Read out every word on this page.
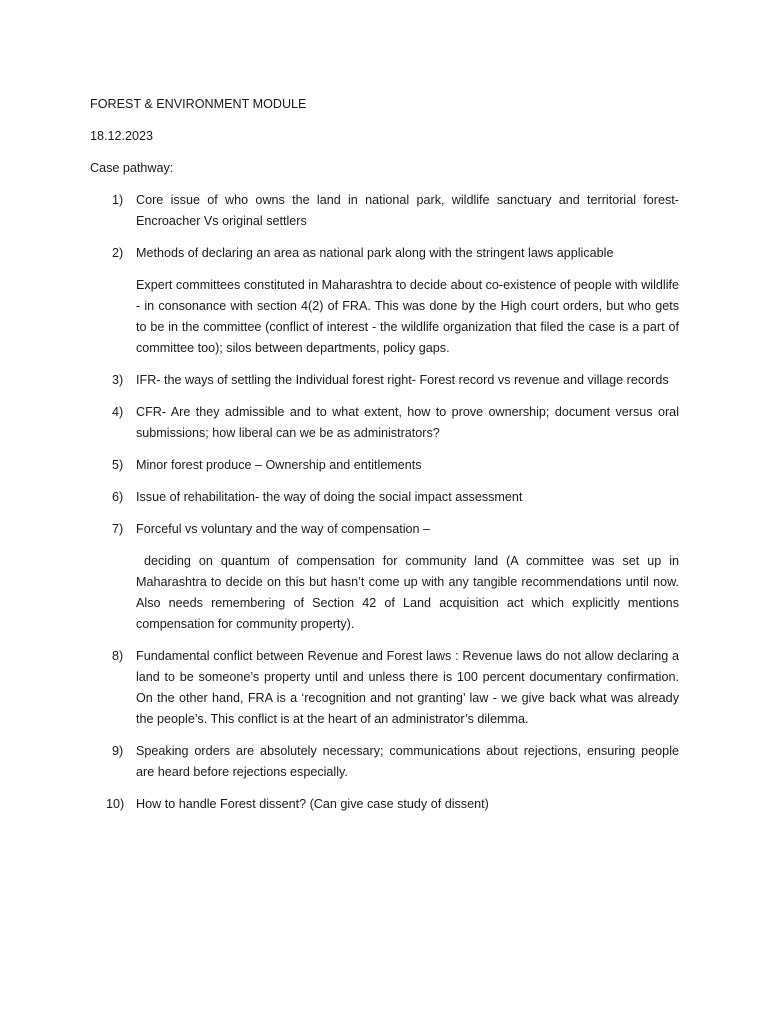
FOREST & ENVIRONMENT MODULE
18.12.2023
Case pathway:
1)	Core issue of who owns the land in national park, wildlife sanctuary and territorial forest- Encroacher Vs original settlers
2)	Methods of declaring an area as national park along with the stringent laws applicable
Expert committees constituted in Maharashtra to decide about co-existence of people with wildlife - in consonance with section 4(2) of FRA. This was done by the High court orders, but who gets to be in the committee (conflict of interest - the wildlife organization that filed the case is a part of committee too); silos between departments, policy gaps.
3)	IFR- the ways of settling the Individual forest right- Forest record vs revenue and village records
4)	CFR- Are they admissible and to what extent, how to prove ownership; document versus oral submissions; how liberal can we be as administrators?
5)	Minor forest produce – Ownership and entitlements
6)	Issue of rehabilitation- the way of doing the social impact assessment
7)	Forceful vs voluntary and the way of compensation –
deciding on quantum of compensation for community land (A committee was set up in Maharashtra to decide on this but hasn’t come up with any tangible recommendations until now. Also needs remembering of Section 42 of Land acquisition act which explicitly mentions compensation for community property).
8)	Fundamental conflict between Revenue and Forest laws : Revenue laws do not allow declaring a land to be someone’s property until and unless there is 100 percent documentary confirmation. On the other hand, FRA is a ‘recognition and not granting’ law - we give back what was already the people’s. This conflict is at the heart of an administrator’s dilemma.
9)	Speaking orders are absolutely necessary; communications about rejections, ensuring people are heard before rejections especially.
10) How to handle Forest dissent? (Can give case study of dissent)
